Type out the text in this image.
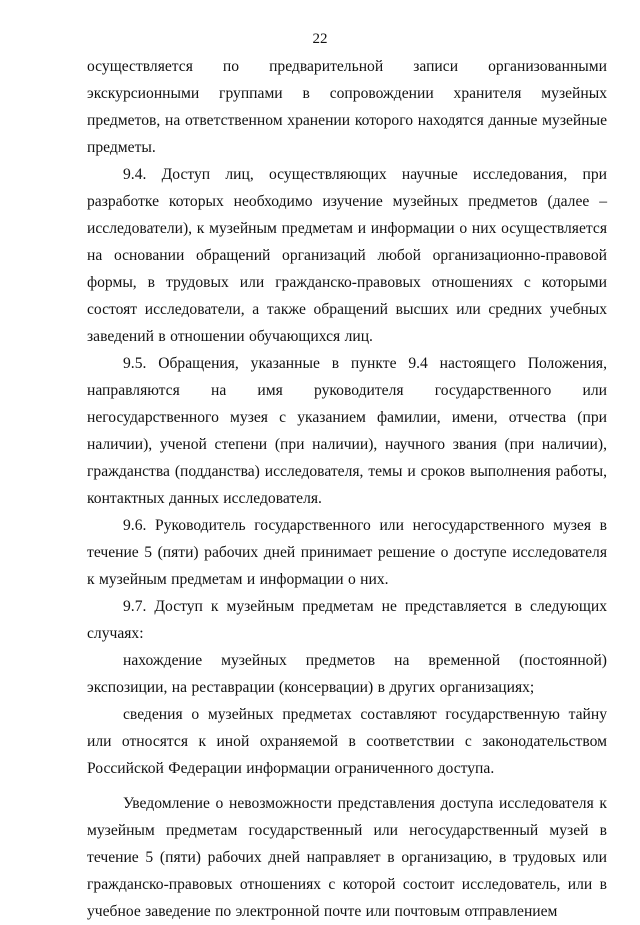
22

осуществляется по предварительной записи организованными экскурсионными группами в сопровождении хранителя музейных предметов, на ответственном хранении которого находятся данные музейные предметы.

9.4. Доступ лиц, осуществляющих научные исследования, при разработке которых необходимо изучение музейных предметов (далее – исследователи), к музейным предметам и информации о них осуществляется на основании обращений организаций любой организационно-правовой формы, в трудовых или гражданско-правовых отношениях с которыми состоят исследователи, а также обращений высших или средних учебных заведений в отношении обучающихся лиц.

9.5. Обращения, указанные в пункте 9.4 настоящего Положения, направляются на имя руководителя государственного или негосударственного музея с указанием фамилии, имени, отчества (при наличии), ученой степени (при наличии), научного звания (при наличии), гражданства (подданства) исследователя, темы и сроков выполнения работы, контактных данных исследователя.

9.6. Руководитель государственного или негосударственного музея в течение 5 (пяти) рабочих дней принимает решение о доступе исследователя к музейным предметам и информации о них.

9.7. Доступ к музейным предметам не представляется в следующих случаях:

нахождение музейных предметов на временной (постоянной) экспозиции, на реставрации (консервации) в других организациях;

сведения о музейных предметах составляют государственную тайну или относятся к иной охраняемой в соответствии с законодательством Российской Федерации информации ограниченного доступа.

Уведомление о невозможности представления доступа исследователя к музейным предметам государственный или негосударственный музей в течение 5 (пяти) рабочих дней направляет в организацию, в трудовых или гражданско-правовых отношениях с которой состоит исследователь, или в учебное заведение по электронной почте или почтовым отправлением
